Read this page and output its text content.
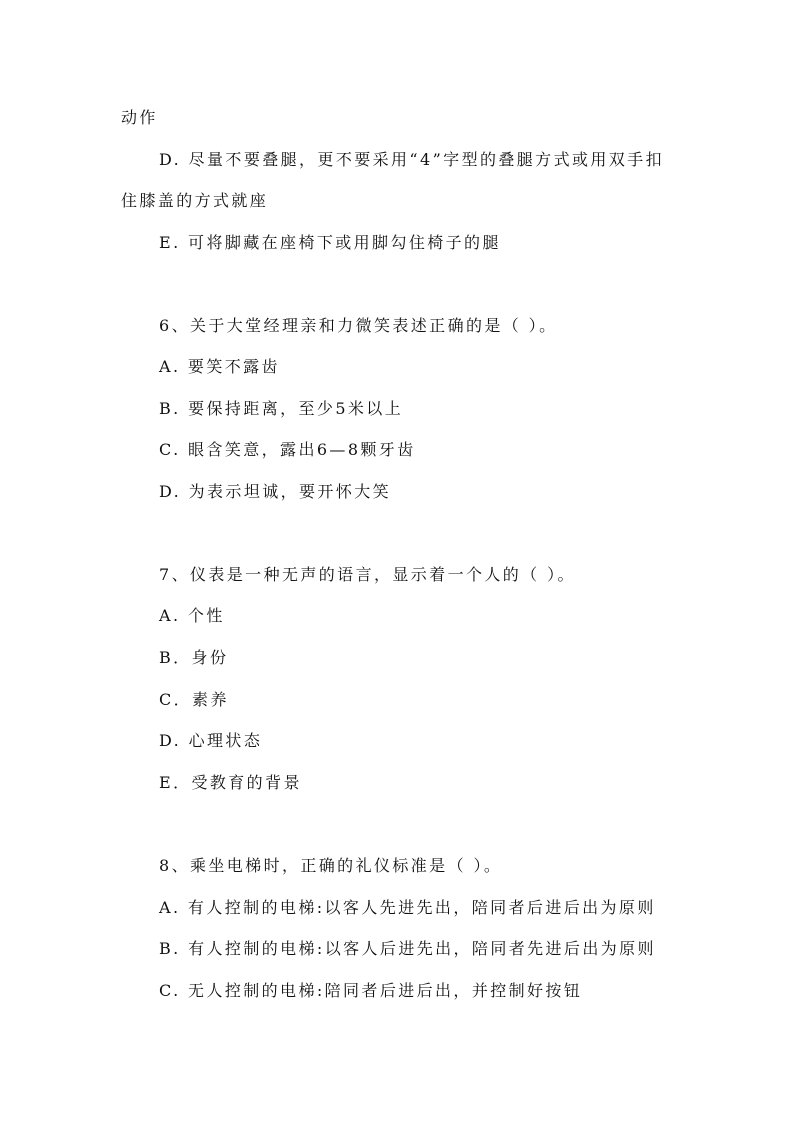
动作
D. 尽量不要叠腿，更不要采用“4”字型的叠腿方式或用双手扣
住膝盖的方式就座
E. 可将脚藏在座椅下或用脚勾住椅子的腿
6、关于大堂经理亲和力微笑表述正确的是（ ）。
A. 要笑不露齿
B. 要保持距离，至少5米以上
C. 眼含笑意，露出6—8颗牙齿
D. 为表示坦诚，要开怀大笑
7、仪表是一种无声的语言，显示着一个人的（ ）。
A. 个性
B．身份
C．素养
D. 心理状态
E．受教育的背景
8、乘坐电梯时，正确的礼仪标准是（ ）。
A. 有人控制的电梯:以客人先进先出，陪同者后进后出为原则
B. 有人控制的电梯:以客人后进先出，陪同者先进后出为原则
C. 无人控制的电梯:陪同者后进后出，并控制好按钮
